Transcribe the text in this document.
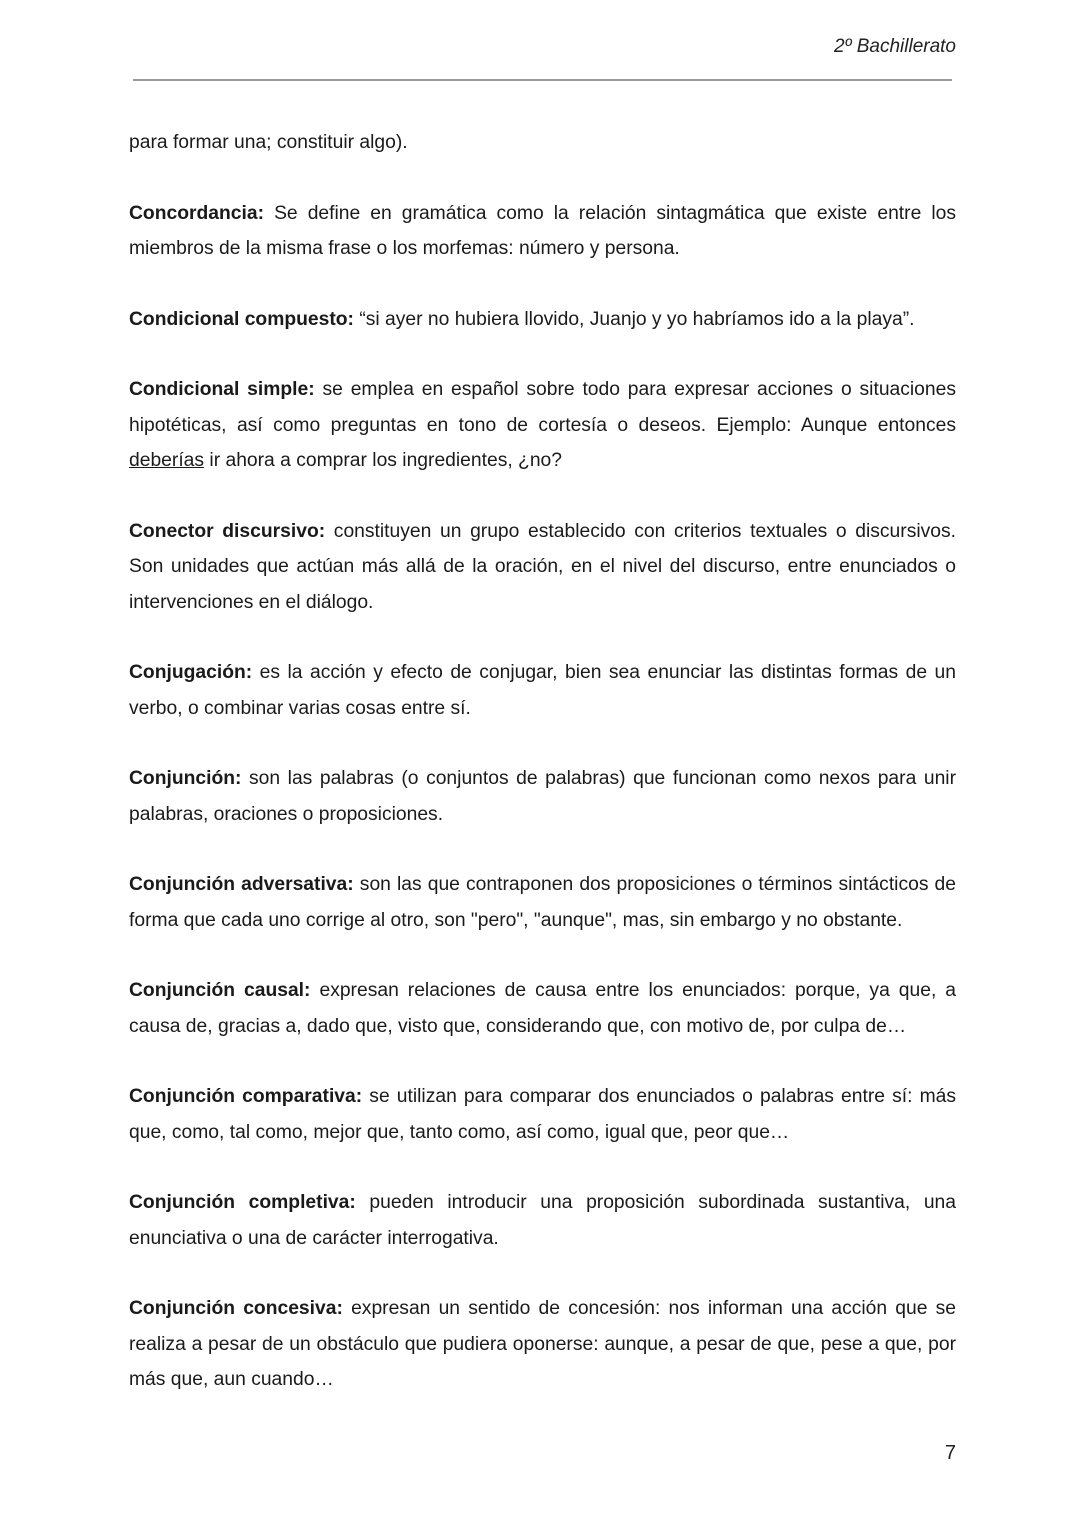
2º Bachillerato

para formar una; constituir algo).

Concordancia: Se define en gramática como la relación sintagmática que existe entre los miembros de la misma frase o los morfemas: número y persona.

Condicional compuesto: “si ayer no hubiera llovido, Juanjo y yo habríamos ido a la playa”.

Condicional simple: se emplea en español sobre todo para expresar acciones o situaciones hipotéticas, así como preguntas en tono de cortesía o deseos. Ejemplo: Aunque entonces deberías ir ahora a comprar los ingredientes, ¿no?

Conector discursivo: constituyen un grupo establecido con criterios textuales o discursivos. Son unidades que actúan más allá de la oración, en el nivel del discurso, entre enunciados o intervenciones en el diálogo.

Conjugación: es la acción y efecto de conjugar, bien sea enunciar las distintas formas de un verbo, o combinar varias cosas entre sí.

Conjunción: son las palabras (o conjuntos de palabras) que funcionan como nexos para unir palabras, oraciones o proposiciones.

Conjunción adversativa: son las que contraponen dos proposiciones o términos sintácticos de forma que cada uno corrige al otro, son "pero", "aunque", mas, sin embargo y no obstante.

Conjunción causal: expresan relaciones de causa entre los enunciados: porque, ya que, a causa de, gracias a, dado que, visto que, considerando que, con motivo de, por culpa de…

Conjunción comparativa: se utilizan para comparar dos enunciados o palabras entre sí: más que, como, tal como, mejor que, tanto como, así como, igual que, peor que…

Conjunción completiva: pueden introducir una proposición subordinada sustantiva, una enunciativa o una de carácter interrogativa.

Conjunción concesiva: expresan un sentido de concesión: nos informan una acción que se realiza a pesar de un obstáculo que pudiera oponerse: aunque, a pesar de que, pese a que, por más que, aun cuando…

7
